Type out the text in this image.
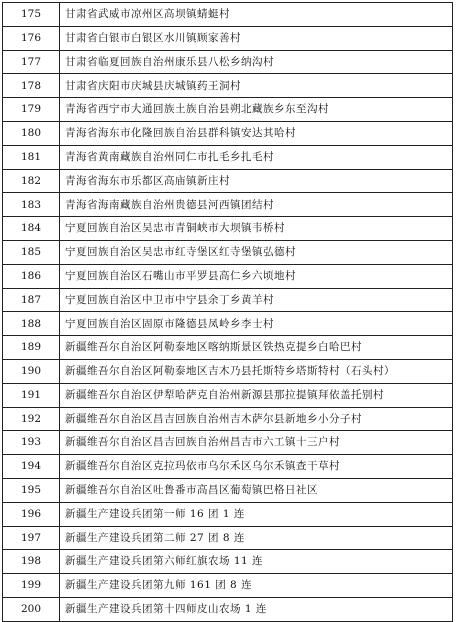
175	甘肃省武威市凉州区高坝镇蜻蜓村
176	甘肃省白银市白银区水川镇顾家善村
177	甘肃省临夏回族自治州康乐县八松乡纳沟村
178	甘肃省庆阳市庆城县庆城镇药王洞村
179	青海省西宁市大通回族土族自治县朔北藏族乡东至沟村
180	青海省海东市化隆回族自治县群科镇安达其哈村
181	青海省黄南藏族自治州同仁市扎毛乡扎毛村
182	青海省海东市乐都区高庙镇新庄村
183	青海省海南藏族自治州贵德县河西镇团结村
184	宁夏回族自治区吴忠市青铜峡市大坝镇韦桥村
185	宁夏回族自治区吴忠市红寺堡区红寺堡镇弘德村
186	宁夏回族自治区石嘴山市平罗县高仁乡六顷地村
187	宁夏回族自治区中卫市中宁县余丁乡黄羊村
188	宁夏回族自治区固原市隆德县凤岭乡李士村
189	新疆维吾尔自治区阿勒泰地区喀纳斯景区铁热克提乡白哈巴村
190	新疆维吾尔自治区阿勒泰地区吉木乃县托斯特乡塔斯特村（石头村）
191	新疆维吾尔自治区伊犁哈萨克自治州新源县那拉提镇拜依盖托别村
192	新疆维吾尔自治区昌吉回族自治州吉木萨尔县新地乡小分子村
193	新疆维吾尔自治区昌吉回族自治州昌吉市六工镇十三户村
194	新疆维吾尔自治区克拉玛依市乌尔禾区乌尔禾镇查干草村
195	新疆维吾尔自治区吐鲁番市高昌区葡萄镇巴格日社区
196	新疆生产建设兵团第一师 16 团 1 连
197	新疆生产建设兵团第二师 27 团 8 连
198	新疆生产建设兵团第六师红旗农场 11 连
199	新疆生产建设兵团第九师 161 团 8 连
200	新疆生产建设兵团第十四师皮山农场 1 连
